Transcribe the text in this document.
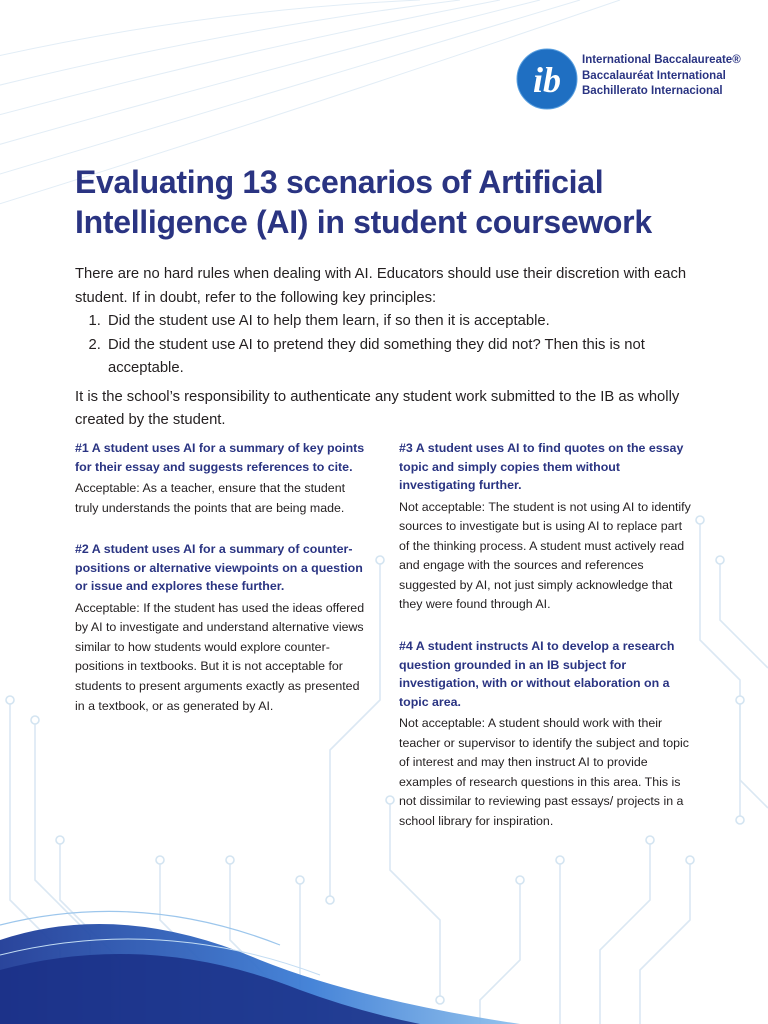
ib International Baccalaureate®
Baccalauréat International
Bachillerato Internacional
Evaluating 13 scenarios of Artificial Intelligence (AI) in student coursework

There are no hard rules when dealing with AI. Educators should use their discretion with each student. If in doubt, refer to the following key principles:

1. Did the student use AI to help them learn, if so then it is acceptable.
2. Did the student use AI to pretend they did something they did not? Then this is not acceptable.

It is the school’s responsibility to authenticate any student work submitted to the IB as wholly created by the student.

#1 A student uses AI for a summary of key points for their essay and suggests references to cite.

Acceptable: As a teacher, ensure that the student truly understands the points that are being made.

#2 A student uses AI for a summary of counter-positions or alternative viewpoints on a question or issue and explores these further.

Acceptable: If the student has used the ideas offered by AI to investigate and understand alternative views similar to how students would explore counter-positions in textbooks. But it is not acceptable for students to present arguments exactly as presented in a textbook, or as generated by AI.

#3 A student uses AI to find quotes on the essay topic and simply copies them without investigating further.

Not acceptable: The student is not using AI to identify sources to investigate but is using AI to replace part of the thinking process. A student must actively read and engage with the sources and references suggested by AI, not just simply acknowledge that they were found through AI.

#4 A student instructs AI to develop a research question grounded in an IB subject for investigation, with or without elaboration on a topic area.

Not acceptable: A student should work with their teacher or supervisor to identify the subject and topic of interest and may then instruct AI to provide examples of research questions in this area. This is not dissimilar to reviewing past essays/ projects in a school library for inspiration.
